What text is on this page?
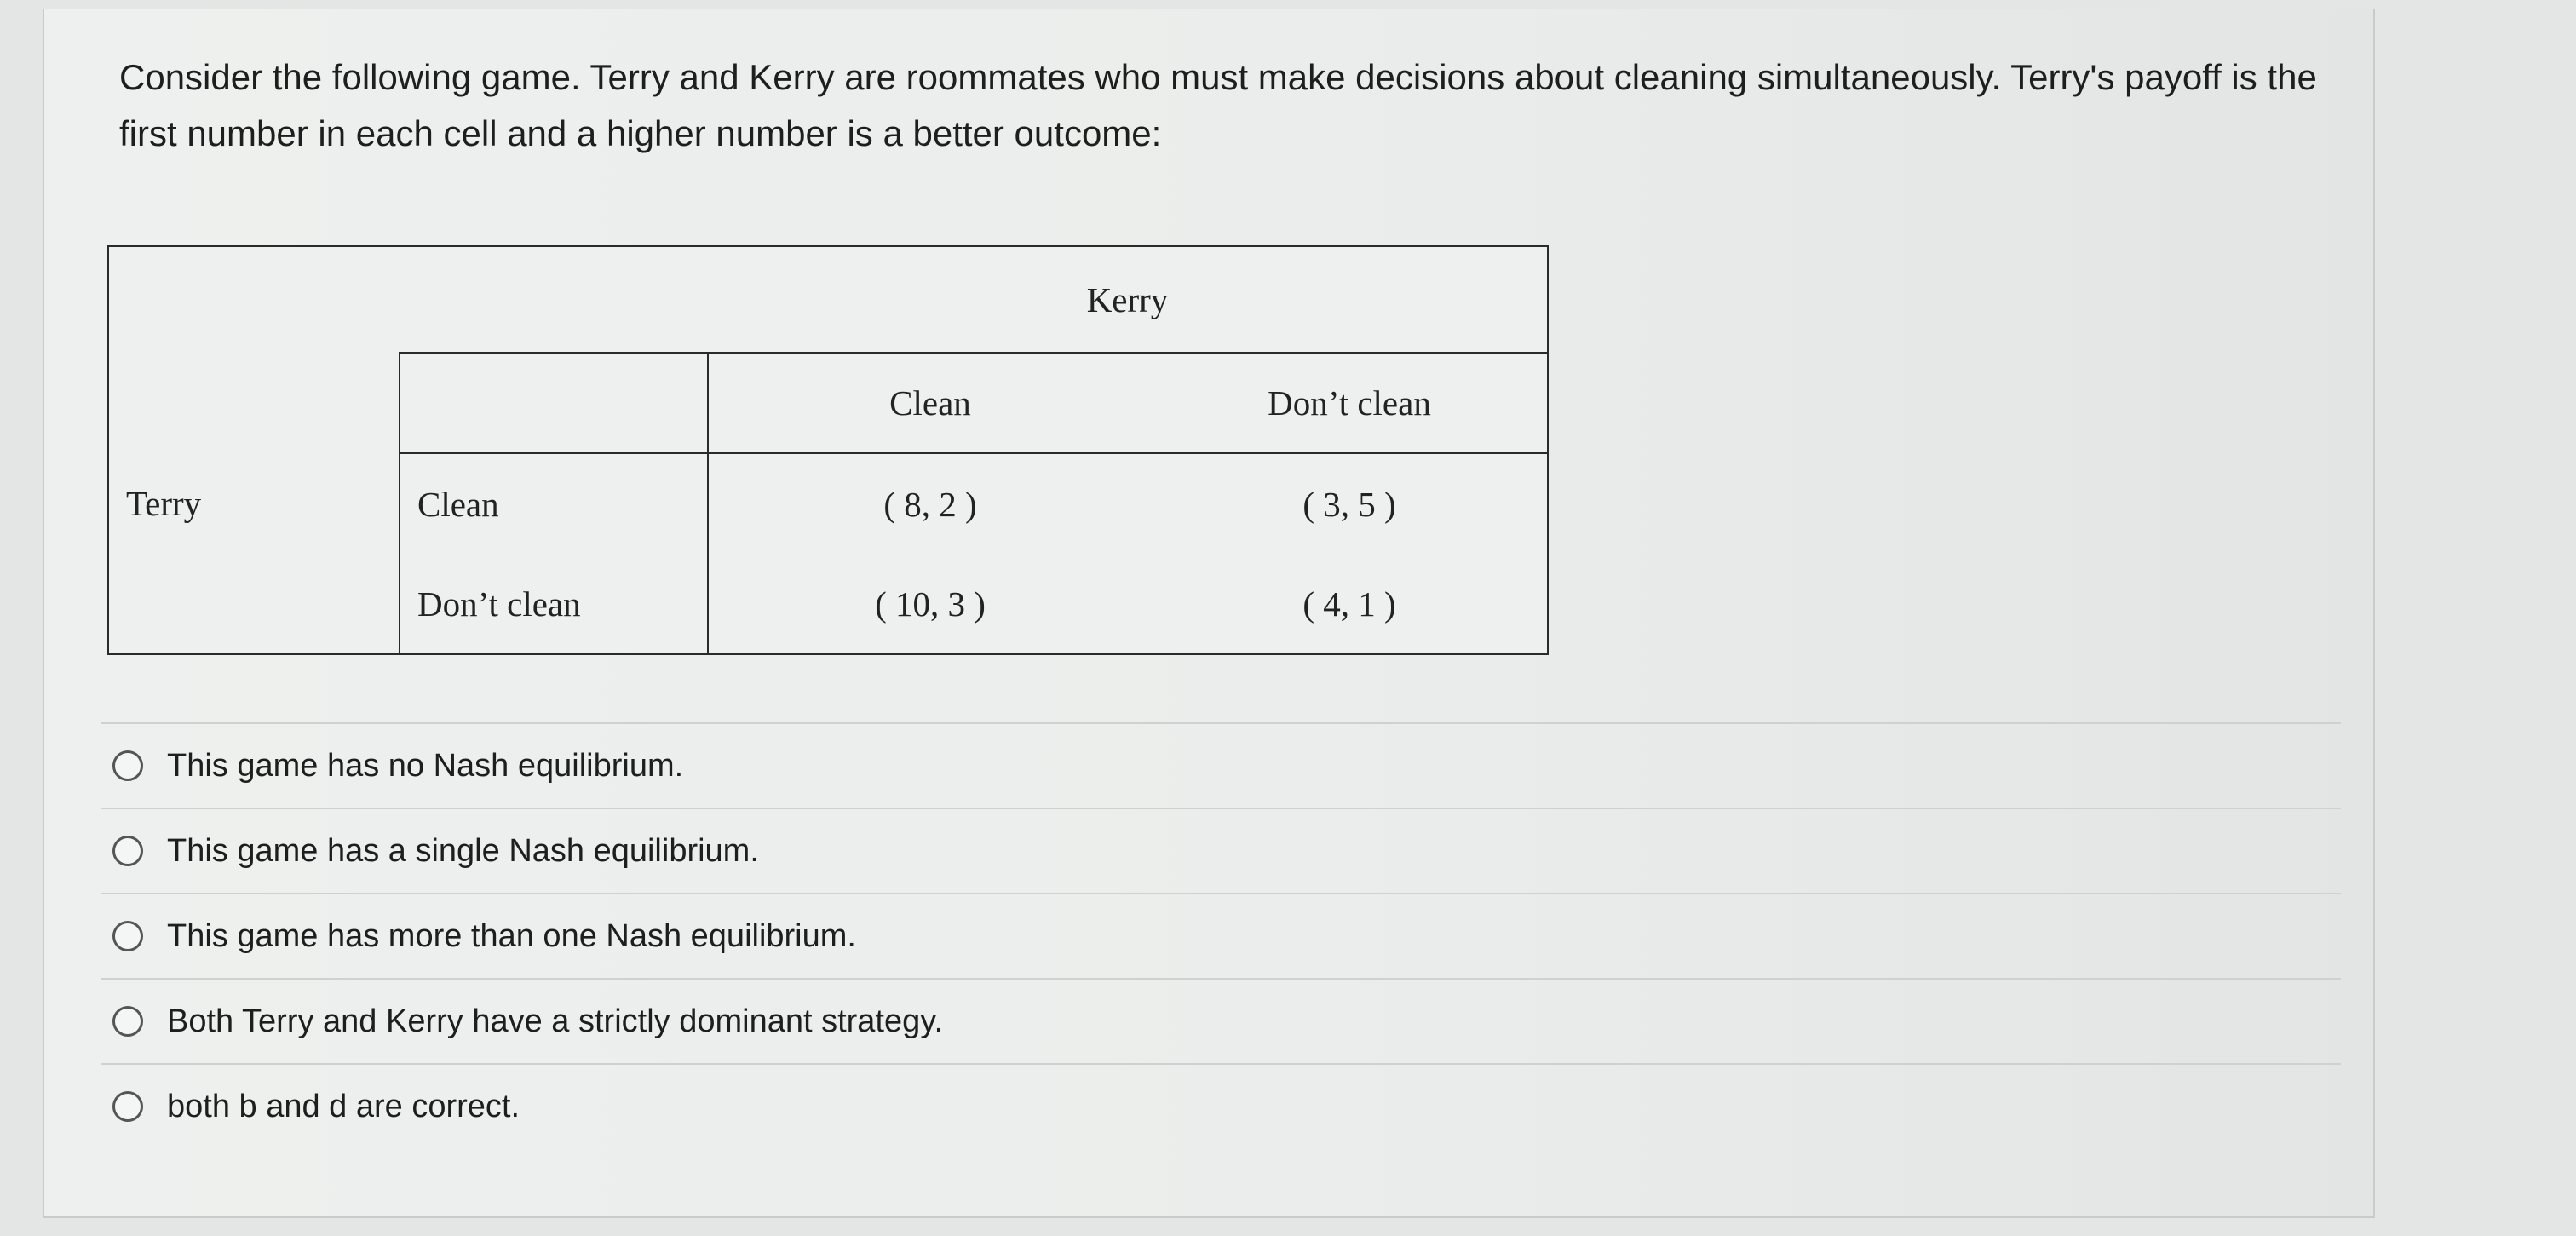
Consider the following game. Terry and Kerry are roommates who must make decisions about cleaning simultaneously. Terry's payoff is the first number in each cell and a higher number is a better outcome:

		Kerry	
Terry		Clean	Don’t clean
	Clean	( 8, 2 )	( 3, 5 )
	Don’t clean	( 10, 3 )	( 4, 1 )
This game has no Nash equilibrium.
This game has a single Nash equilibrium.
This game has more than one Nash equilibrium.
Both Terry and Kerry have a strictly dominant strategy.
both b and d are correct.
